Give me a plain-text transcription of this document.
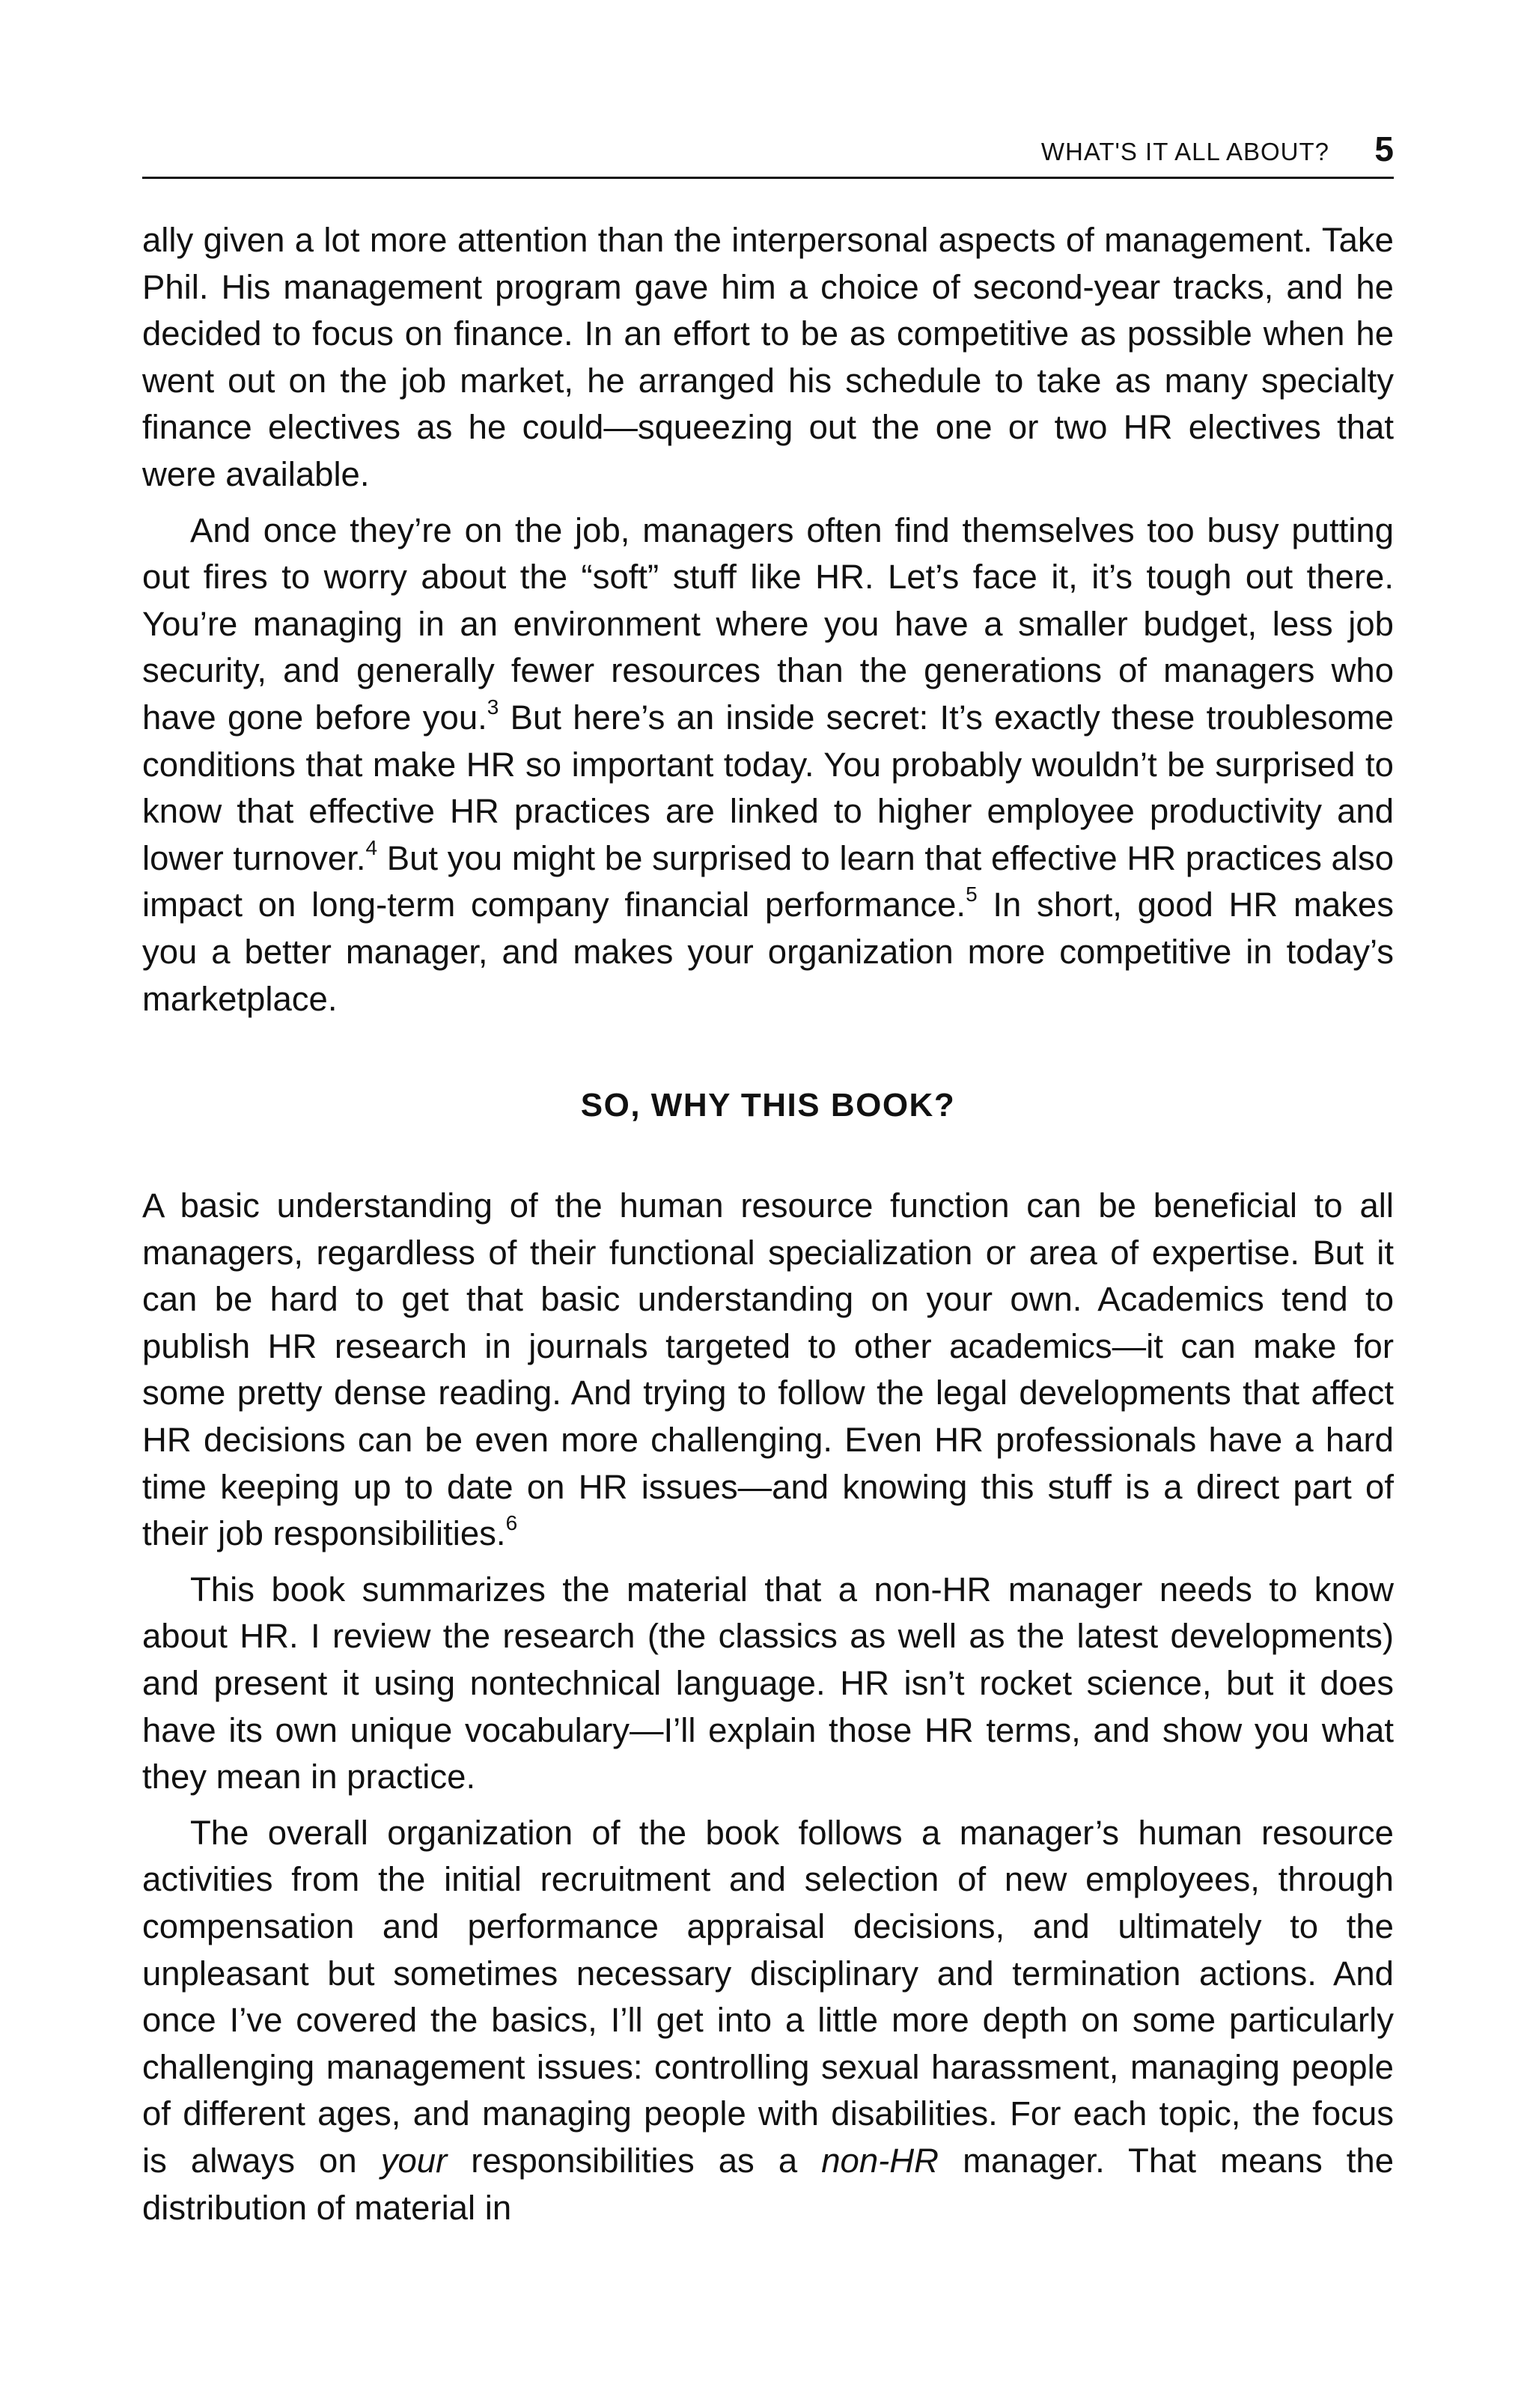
WHAT'S IT ALL ABOUT? 5

ally given a lot more attention than the interpersonal aspects of management. Take Phil. His management program gave him a choice of second-year tracks, and he decided to focus on finance. In an effort to be as competitive as possible when he went out on the job market, he arranged his schedule to take as many specialty finance electives as he could—squeezing out the one or two HR electives that were available.

And once they’re on the job, managers often find themselves too busy putting out fires to worry about the “soft” stuff like HR. Let’s face it, it’s tough out there. You’re managing in an environment where you have a smaller budget, less job security, and generally fewer resources than the generations of managers who have gone before you.$^3$ But here’s an inside secret: It’s exactly these troublesome conditions that make HR so important today. You probably wouldn’t be surprised to know that effective HR practices are linked to higher employee productivity and lower turnover.$^4$ But you might be surprised to learn that effective HR practices also impact on long-term company financial performance.$^5$ In short, good HR makes you a better manager, and makes your organization more competitive in today’s marketplace.

SO, WHY THIS BOOK?

A basic understanding of the human resource function can be beneficial to all managers, regardless of their functional specialization or area of expertise. But it can be hard to get that basic understanding on your own. Academics tend to publish HR research in journals targeted to other academics—it can make for some pretty dense reading. And trying to follow the legal developments that affect HR decisions can be even more challenging. Even HR professionals have a hard time keeping up to date on HR issues—and knowing this stuff is a direct part of their job responsibilities.$^6$

This book summarizes the material that a non-HR manager needs to know about HR. I review the research (the classics as well as the latest developments) and present it using nontechnical language. HR isn’t rocket science, but it does have its own unique vocabulary—I’ll explain those HR terms, and show you what they mean in practice.

The overall organization of the book follows a manager’s human resource activities from the initial recruitment and selection of new employees, through compensation and performance appraisal decisions, and ultimately to the unpleasant but sometimes necessary disciplinary and termination actions. And once I’ve covered the basics, I’ll get into a little more depth on some particularly challenging management issues: controlling sexual harassment, managing people of different ages, and managing people with disabilities. For each topic, the focus is always on your responsibilities as a non-HR manager. That means the distribution of material in
